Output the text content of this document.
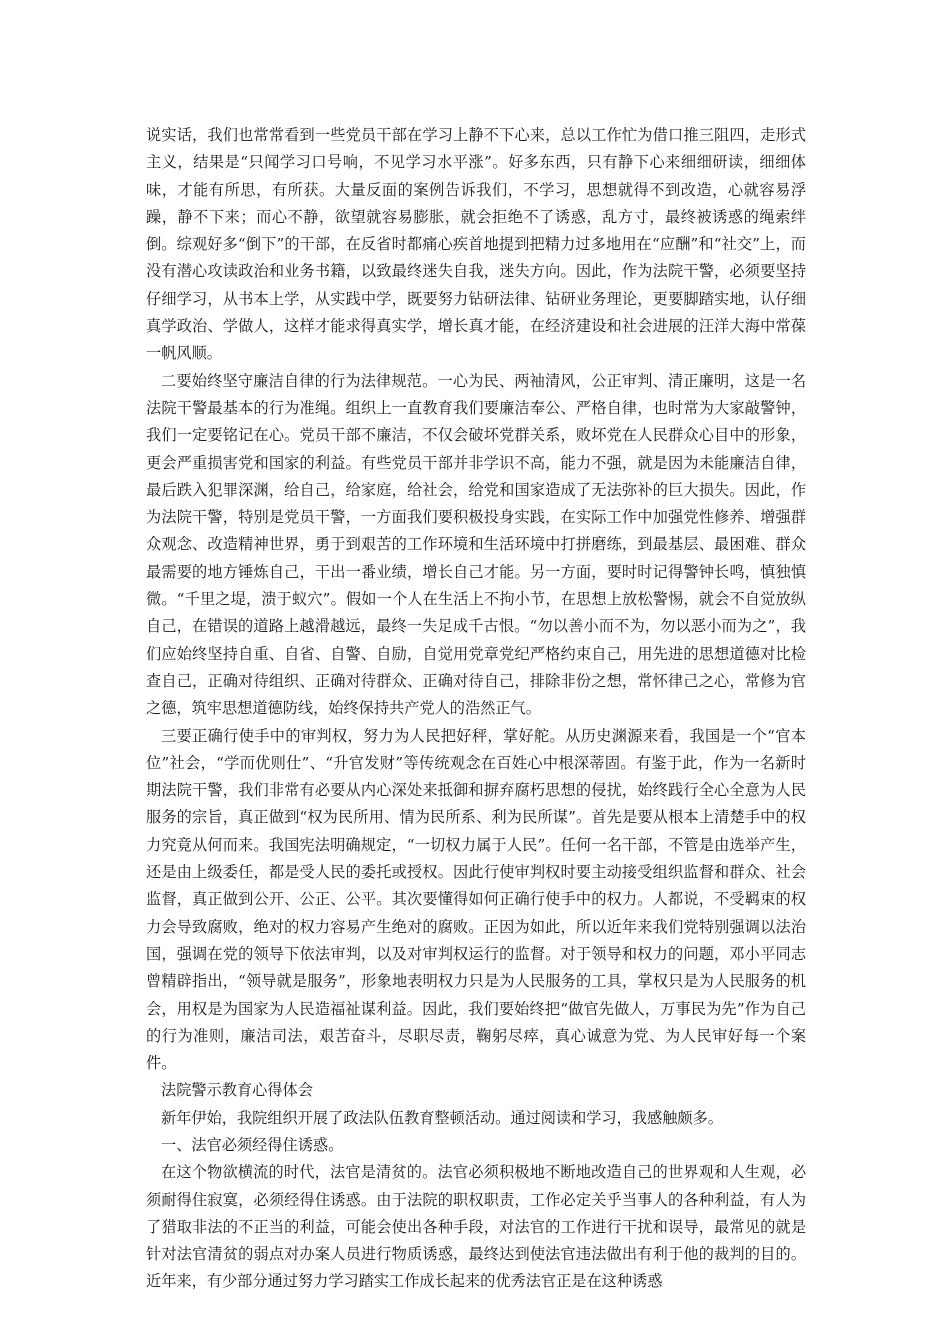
说实话，我们也常常看到一些党员干部在学习上静不下心来，总以工作忙为借口推三阻四，走形式主义，结果是“只闻学习口号响，不见学习水平涨”。好多东西，只有静下心来细细研读，细细体味，才能有所思，有所获。大量反面的案例告诉我们，不学习，思想就得不到改造，心就容易浮躁，静不下来；而心不静，欲望就容易膨胀，就会拒绝不了诱惑，乱方寸，最终被诱惑的绳索绊倒。综观好多“倒下”的干部，在反省时都痛心疾首地提到把精力过多地用在“应酬”和“社交”上，而没有潜心攻读政治和业务书籍，以致最终迷失自我，迷失方向。因此，作为法院干警，必须要坚持仔细学习，从书本上学，从实践中学，既要努力钻研法律、钻研业务理论，更要脚踏实地，认仔细真学政治、学做人，这样才能求得真实学，增长真才能，在经济建设和社会进展的汪洋大海中常葆一帆风顺。

二要始终坚守廉洁自律的行为法律规范。一心为民、两袖清风，公正审判、清正廉明，这是一名法院干警最基本的行为准绳。组织上一直教育我们要廉洁奉公、严格自律，也时常为大家敲警钟，我们一定要铭记在心。党员干部不廉洁，不仅会破坏党群关系，败坏党在人民群众心目中的形象，更会严重损害党和国家的利益。有些党员干部并非学识不高，能力不强，就是因为未能廉洁自律，最后跌入犯罪深渊，给自己，给家庭，给社会，给党和国家造成了无法弥补的巨大损失。因此，作为法院干警，特别是党员干警，一方面我们要积极投身实践，在实际工作中加强党性修养、增强群众观念、改造精神世界，勇于到艰苦的工作环境和生活环境中打拼磨练，到最基层、最困难、群众最需要的地方锤炼自己，干出一番业绩，增长自己才能。另一方面，要时时记得警钟长鸣，慎独慎微。“千里之堤，溃于蚁穴”。假如一个人在生活上不拘小节，在思想上放松警惕，就会不自觉放纵自己，在错误的道路上越滑越远，最终一失足成千古恨。“勿以善小而不为，勿以恶小而为之”，我们应始终坚持自重、自省、自警、自励，自觉用党章党纪严格约束自己，用先进的思想道德对比检查自己，正确对待组织、正确对待群众、正确对待自己，排除非份之想，常怀律己之心，常修为官之德，筑牢思想道德防线，始终保持共产党人的浩然正气。

三要正确行使手中的审判权，努力为人民把好秤，掌好舵。从历史渊源来看，我国是一个“官本位”社会，“学而优则仕”、“升官发财”等传统观念在百姓心中根深蒂固。有鉴于此，作为一名新时期法院干警，我们非常有必要从内心深处来抵御和摒弃腐朽思想的侵扰，始终践行全心全意为人民服务的宗旨，真正做到“权为民所用、情为民所系、利为民所谋”。首先是要从根本上清楚手中的权力究竟从何而来。我国宪法明确规定，“一切权力属于人民”。任何一名干部，不管是由选举产生，还是由上级委任，都是受人民的委托或授权。因此行使审判权时要主动接受组织监督和群众、社会监督，真正做到公开、公正、公平。其次要懂得如何正确行使手中的权力。人都说，不受羁束的权力会导致腐败，绝对的权力容易产生绝对的腐败。正因为如此，所以近年来我们党特别强调以法治国，强调在党的领导下依法审判，以及对审判权运行的监督。对于领导和权力的问题，邓小平同志曾精辟指出，“领导就是服务”，形象地表明权力只是为人民服务的工具，掌权只是为人民服务的机会，用权是为国家为人民造福祉谋利益。因此，我们要始终把“做官先做人，万事民为先”作为自己的行为准则，廉洁司法，艰苦奋斗，尽职尽责，鞠躬尽瘁，真心诚意为党、为人民审好每一个案件。

法院警示教育心得体会

新年伊始，我院组织开展了政法队伍教育整顿活动。通过阅读和学习，我感触颇多。

一、法官必须经得住诱惑。

在这个物欲横流的时代，法官是清贫的。法官必须积极地不断地改造自己的世界观和人生观，必须耐得住寂寞，必须经得住诱惑。由于法院的职权职责，工作必定关乎当事人的各种利益，有人为了猎取非法的不正当的利益，可能会使出各种手段，对法官的工作进行干扰和误导，最常见的就是针对法官清贫的弱点对办案人员进行物质诱惑，最终达到使法官违法做出有利于他的裁判的目的。近年来，有少部分通过努力学习踏实工作成长起来的优秀法官正是在这种诱惑
